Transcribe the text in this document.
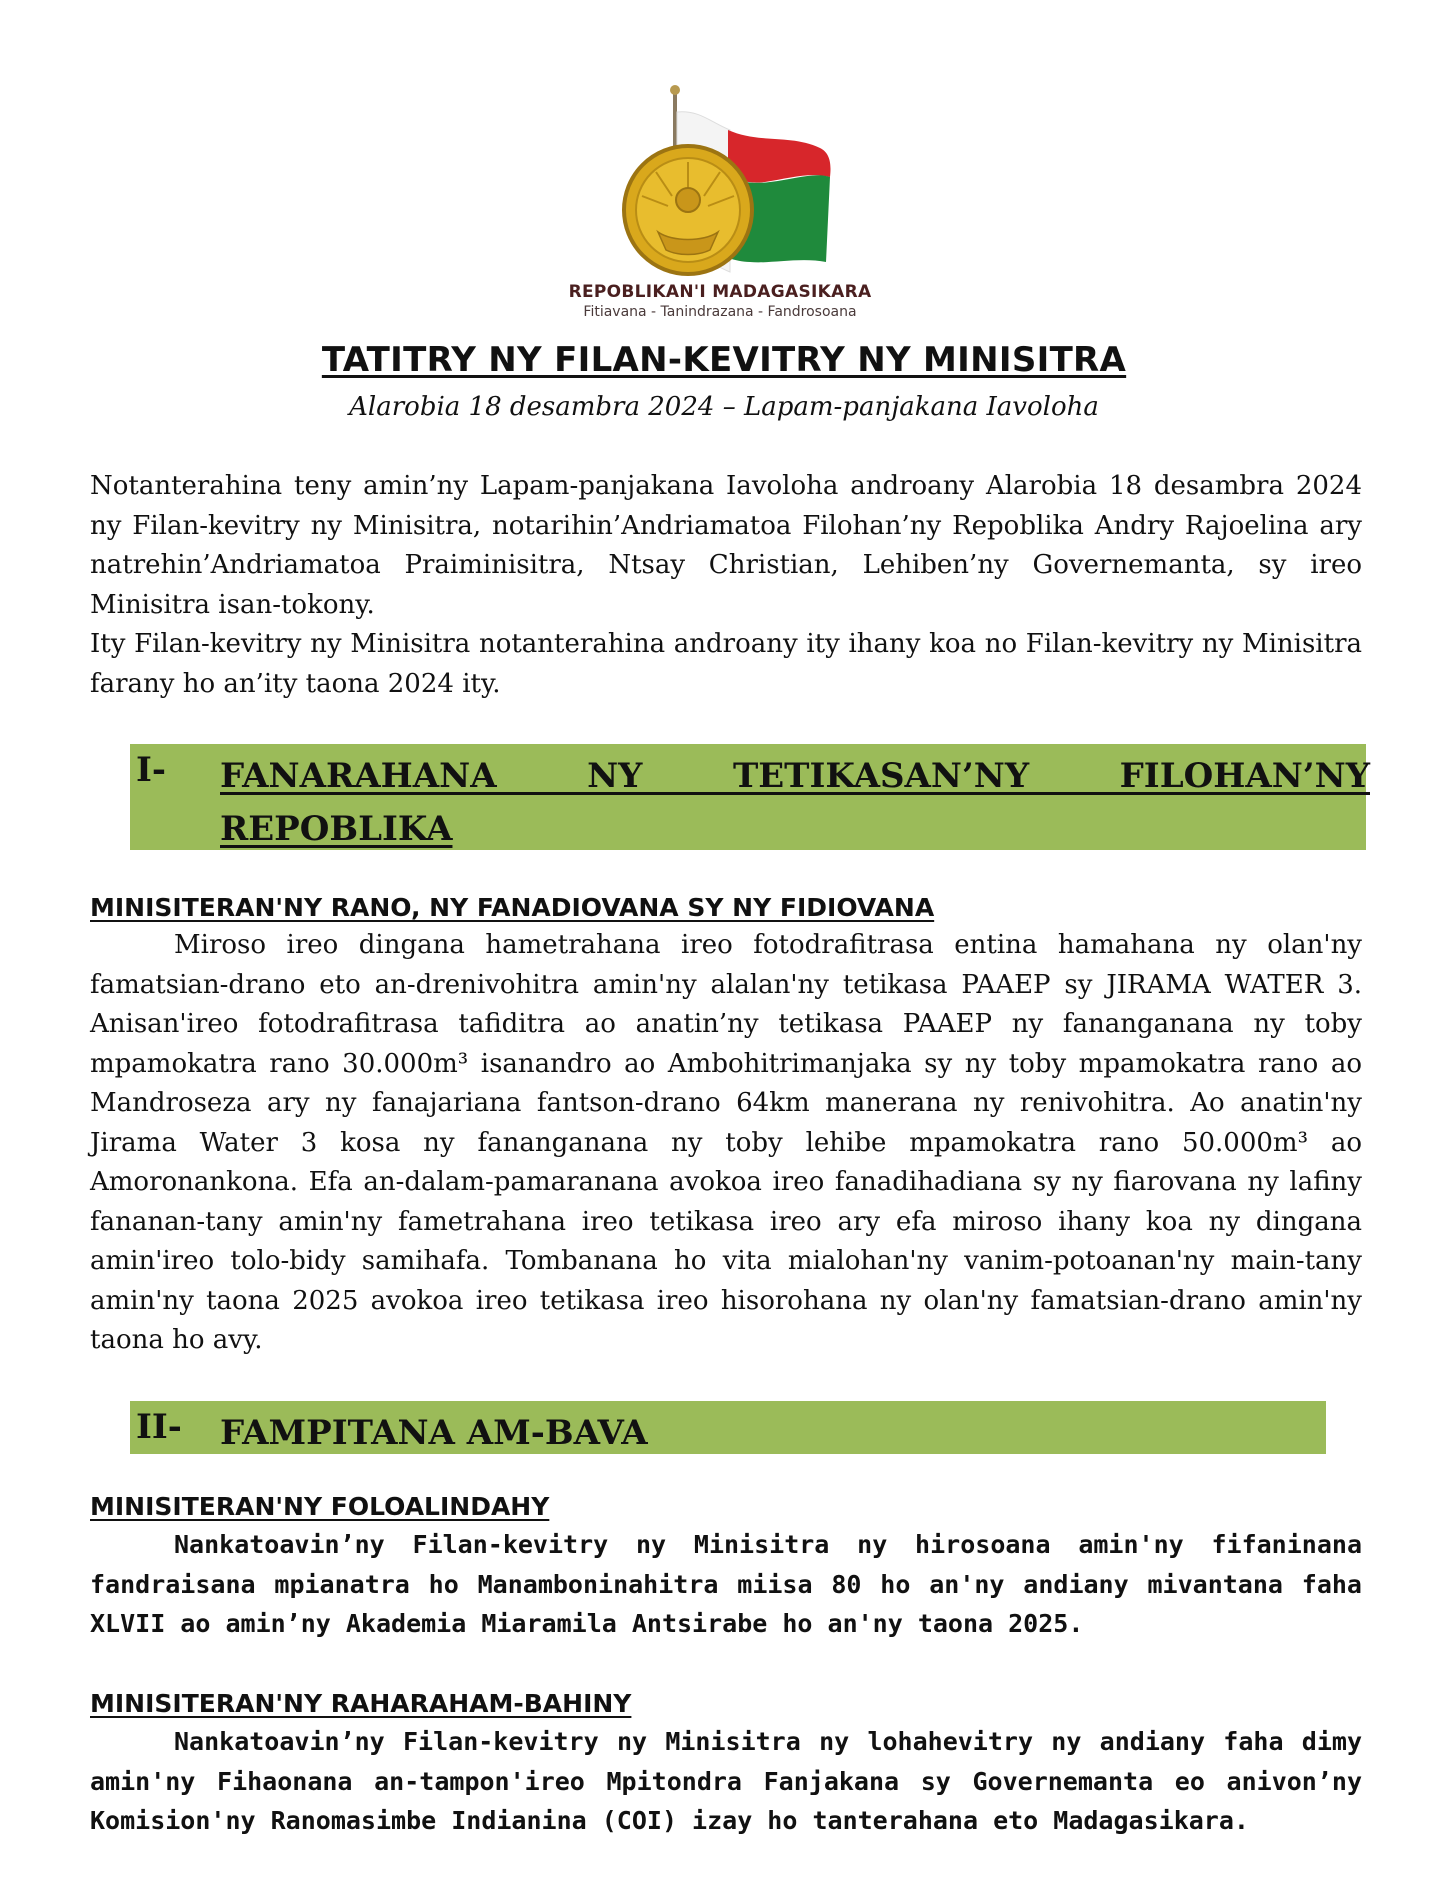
REPOBLIKAN'I MADAGASIKARA
Fitiavana - Tanindrazana - Fandrosoana
TATITRY NY FILAN-KEVITRY NY MINISITRA
Alarobia 18 desambra 2024 – Lapam-panjakana Iavoloha

Notanterahina teny amin’ny Lapam-panjakana Iavoloha androany Alarobia 18 desambra 2024 ny Filan-kevitry ny Minisitra, notarihin’Andriamatoa Filohan’ny Repoblika Andry Rajoelina ary natrehin’Andriamatoa Praiminisitra, Ntsay Christian, Lehiben’ny Governemanta, sy ireo Minisitra isan-tokony.

Ity Filan-kevitry ny Minisitra notanterahina androany ity ihany koa no Filan-kevitry ny Minisitra farany ho an’ity taona 2024 ity.

I- FANARAHANA NY TETIKASAN’NY FILOHAN’NY REPOBLIKA
MINISITERAN'NY RANO, NY FANADIOVANA SY NY FIDIOVANA
Miroso ireo dingana hametrahana ireo fotodrafitrasa entina hamahana ny olan'ny famatsian-drano eto an-drenivohitra amin'ny alalan'ny tetikasa PAAEP sy JIRAMA WATER 3. Anisan'ireo fotodrafitrasa tafiditra ao anatin’ny tetikasa PAAEP ny fananganana ny toby mpamokatra rano 30.000m³ isanandro ao Ambohitrimanjaka sy ny toby mpamokatra rano ao Mandroseza ary ny fanajariana fantson-drano 64km manerana ny renivohitra. Ao anatin'ny Jirama Water 3 kosa ny fananganana ny toby lehibe mpamokatra rano 50.000m³ ao Amoronankona. Efa an-dalam-pamaranana avokoa ireo fanadihadiana sy ny fiarovana ny lafiny fananan-tany amin'ny fametrahana ireo tetikasa ireo ary efa miroso ihany koa ny dingana amin'ireo tolo-bidy samihafa. Tombanana ho vita mialohan'ny vanim-potoanan'ny main-tany amin'ny taona 2025 avokoa ireo tetikasa ireo hisorohana ny olan'ny famatsian-drano amin'ny taona ho avy.
II- FAMPITANA AM-BAVA
MINISITERAN'NY FOLOALINDAHY
Nankatoavin’ny Filan-kevitry ny Minisitra ny hirosoana amin'ny fifaninana fandraisana mpianatra ho Manamboninahitra miisa 80 ho an'ny andiany mivantana faha XLVII ao amin’ny Akademia Miaramila Antsirabe ho an'ny taona 2025.
MINISITERAN'NY RAHARAHAM-BAHINY
Nankatoavin’ny Filan-kevitry ny Minisitra ny lohahevitry ny andiany faha dimy amin'ny Fihaonana an-tampon'ireo Mpitondra Fanjakana sy Governemanta eo anivon’ny Komision'ny Ranomasimbe Indianina (COI) izay ho tanterahana eto Madagasikara.
